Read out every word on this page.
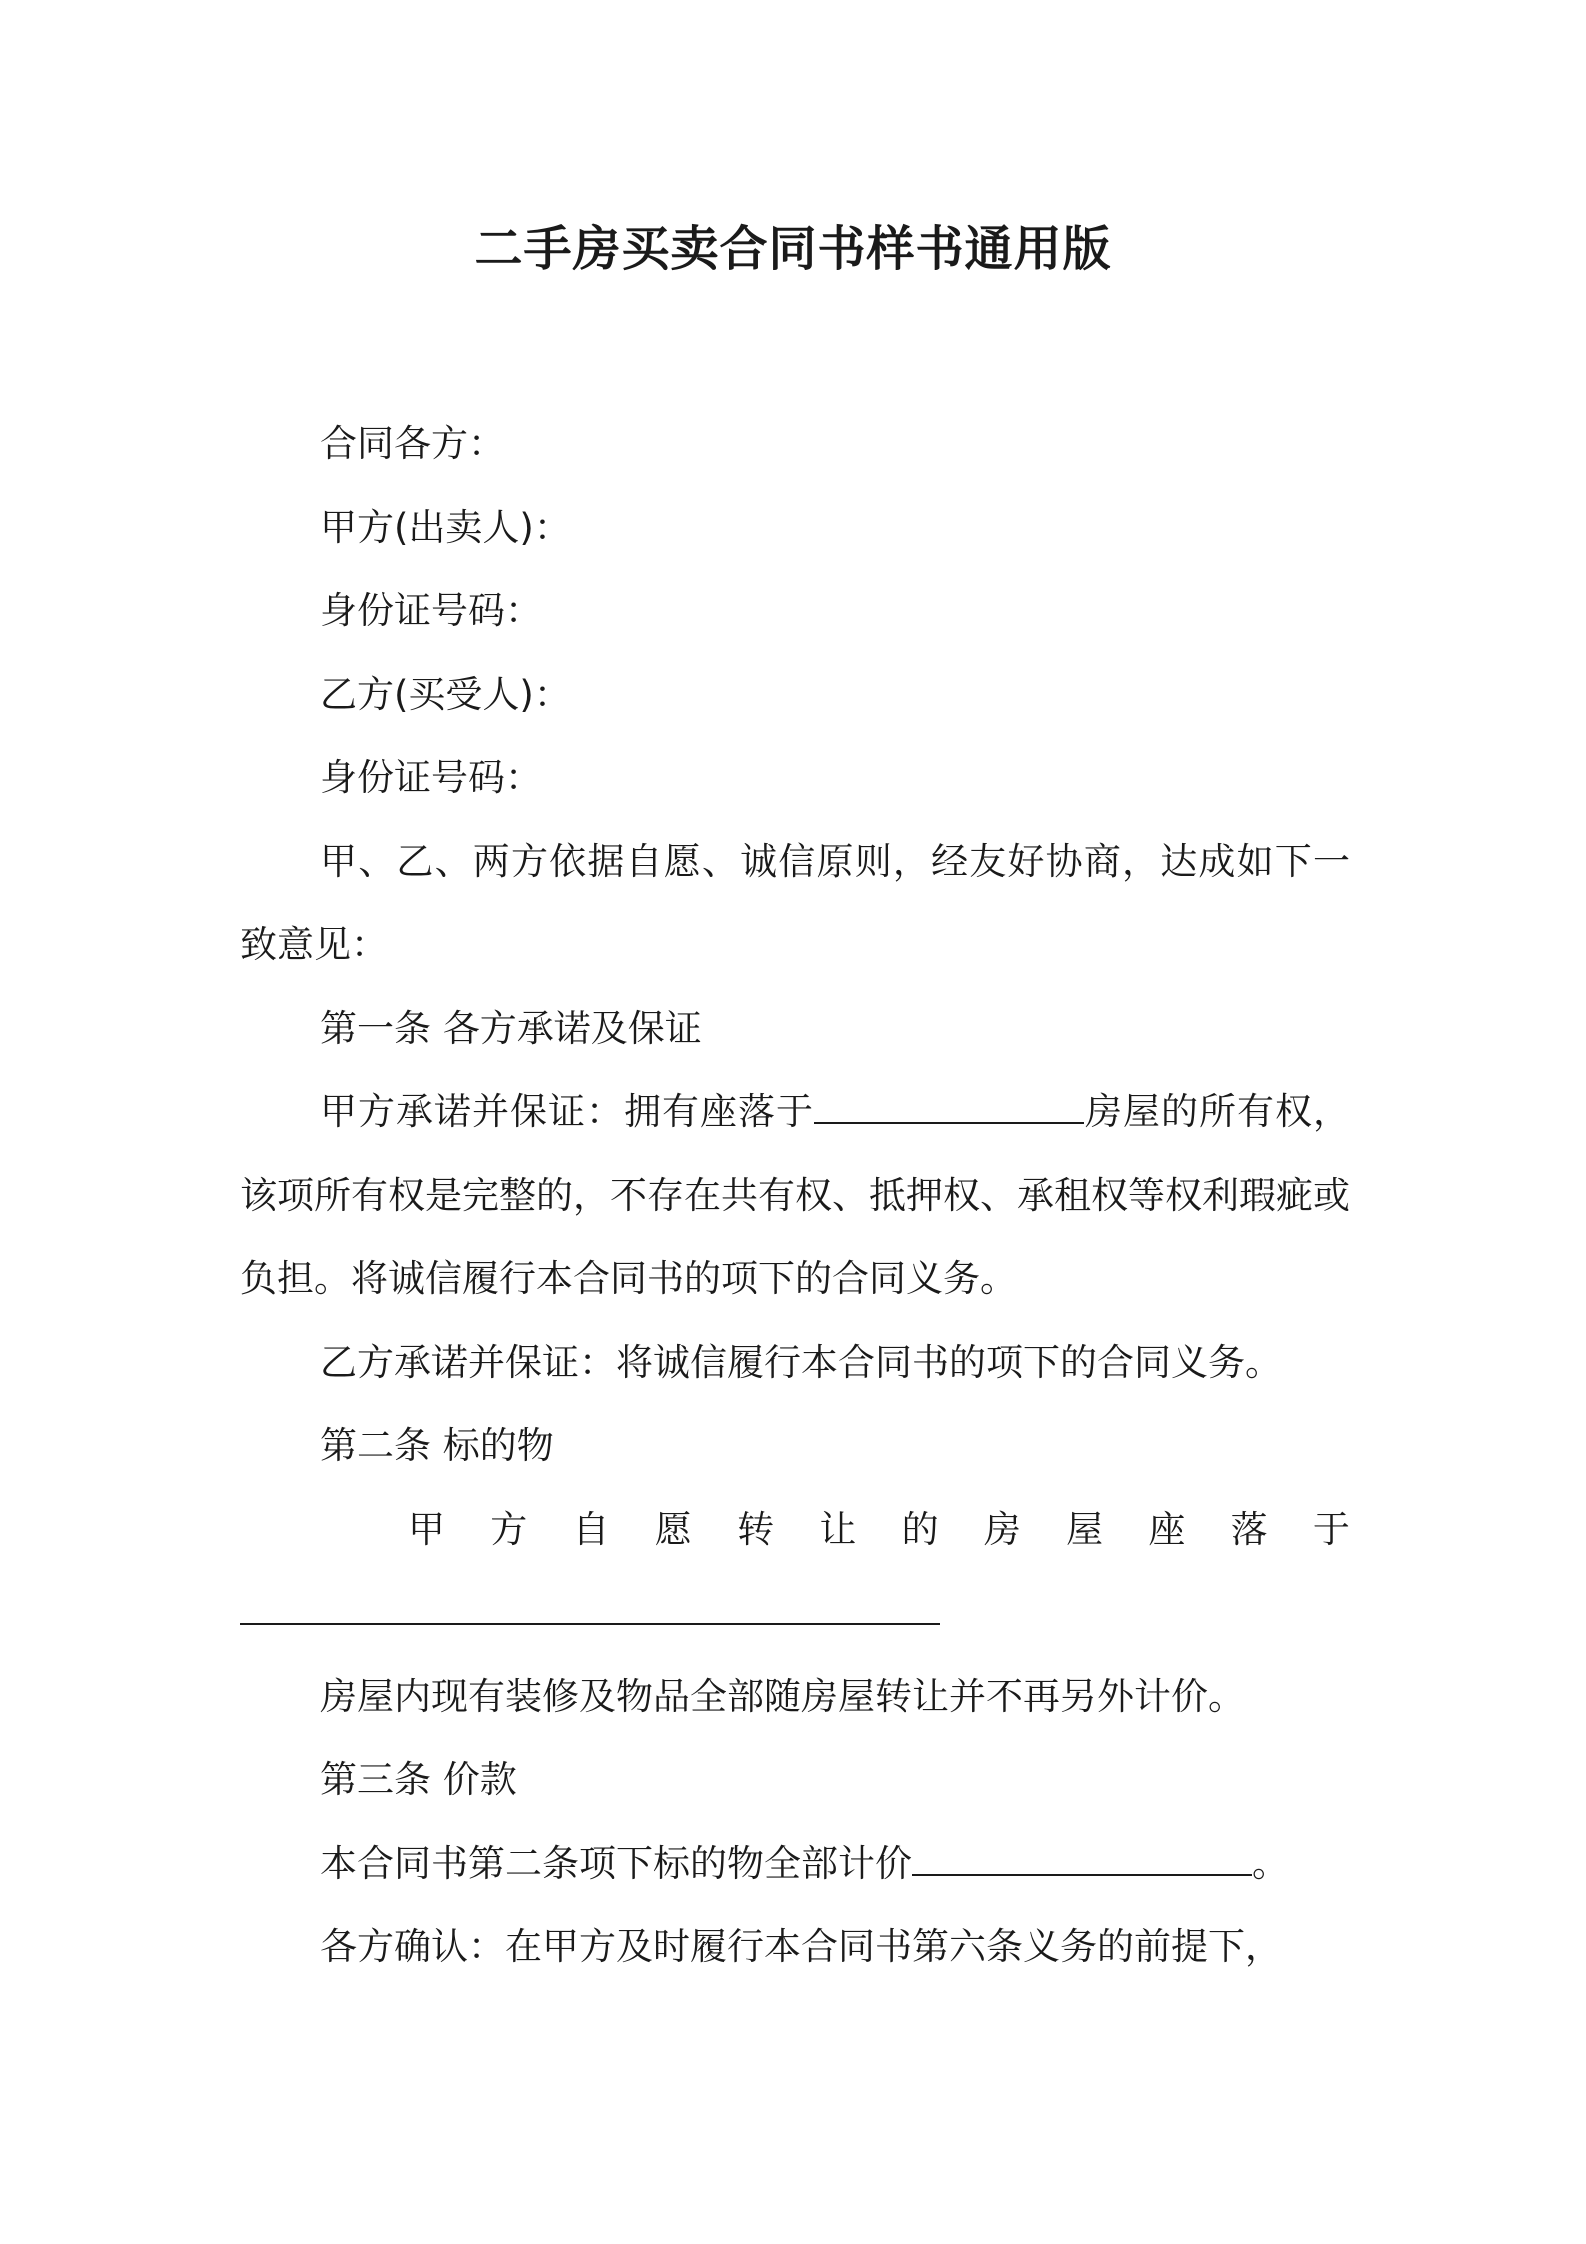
二手房买卖合同书样书通用版

合同各方：

甲方(出卖人)：

身份证号码：

乙方(买受人)：

身份证号码：

甲、乙、两方依据自愿、诚信原则，经友好协商，达成如下一致意见：

第一条 各方承诺及保证

甲方承诺并保证：拥有座落于	房屋的所有权，该项所有权是完整的，不存在共有权、抵押权、承租权等权利瑕疵或负担。将诚信履行本合同书的项下的合同义务。

乙方承诺并保证：将诚信履行本合同书的项下的合同义务。

第二条 标的物

甲 方 自 愿 转 让 的 房 屋 座 落 于

房屋内现有装修及物品全部随房屋转让并不再另外计价。

第三条 价款

本合同书第二条项下标的物全部计价	。

各方确认：在甲方及时履行本合同书第六条义务的前提下，
